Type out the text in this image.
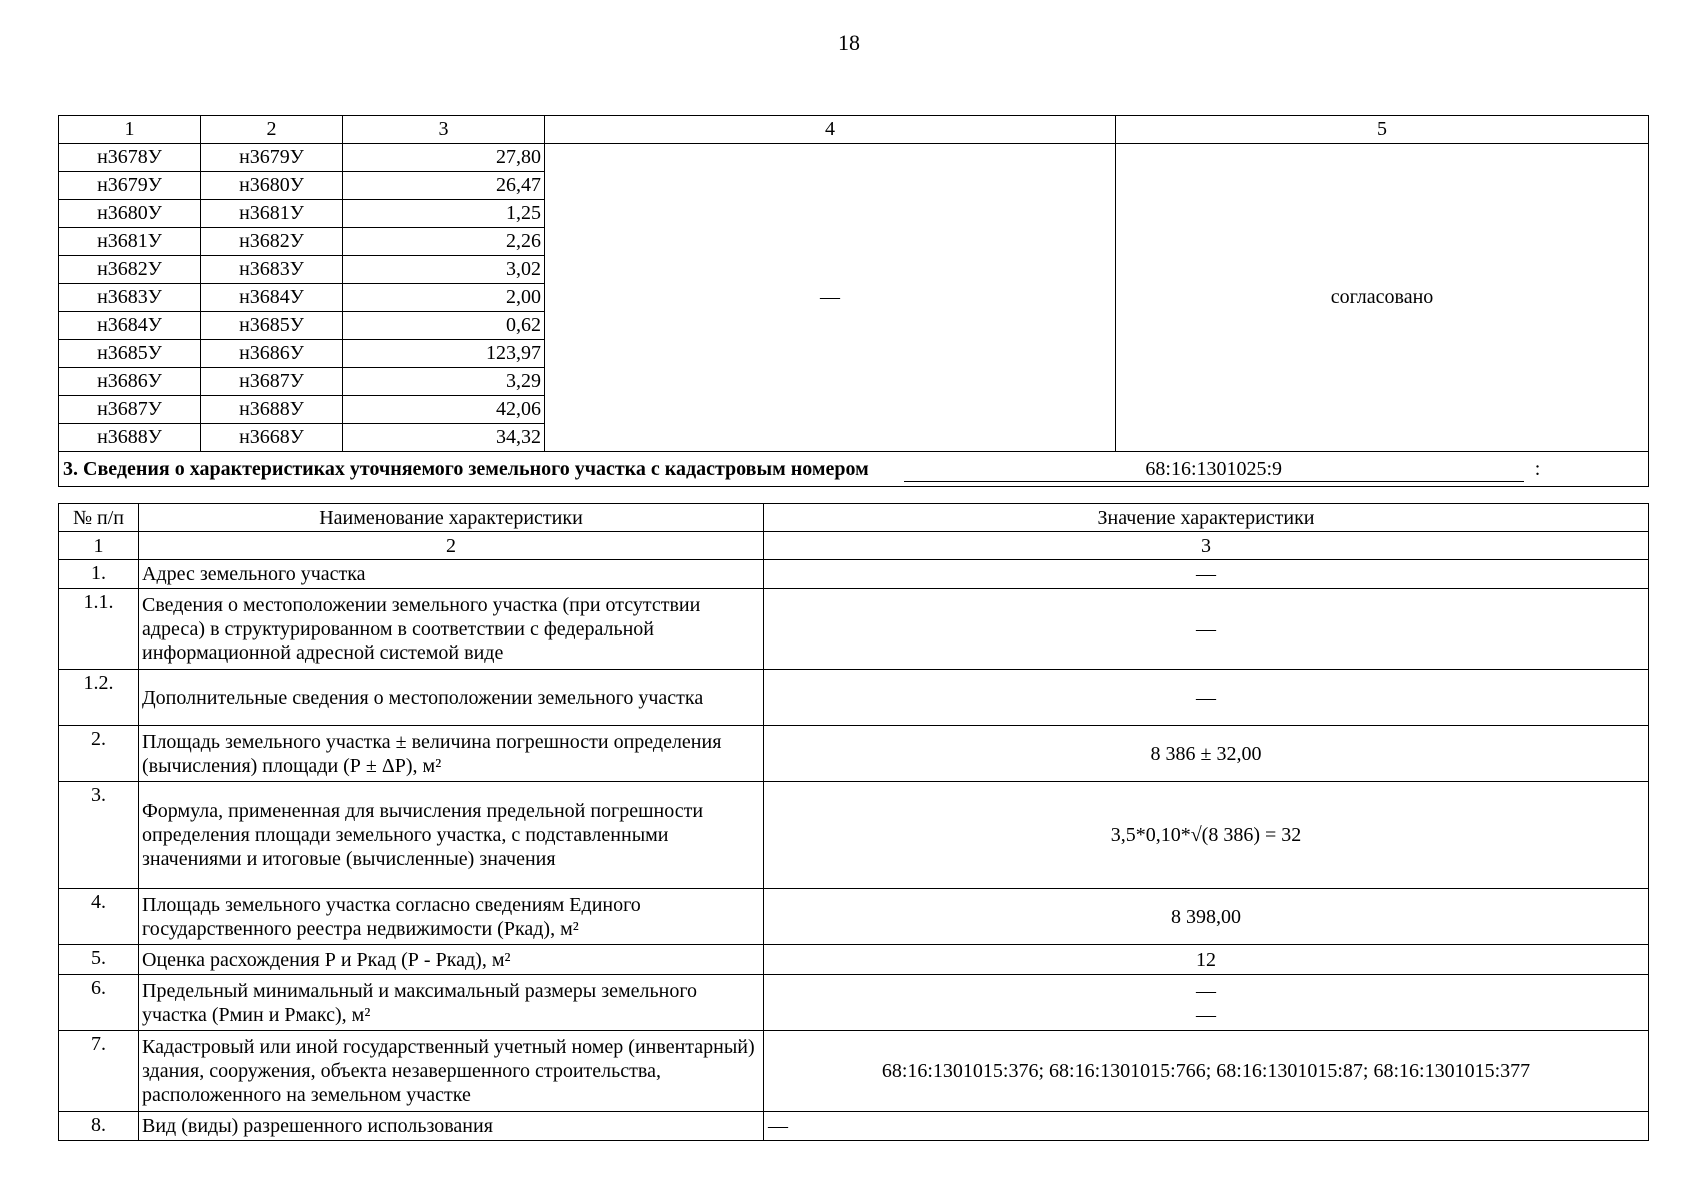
18
1	2	3	4	5
н3678У	н3679У	27,80	—	согласовано
н3679У	н3680У	26,47		
н3680У	н3681У	1,25		
н3681У	н3682У	2,26		
н3682У	н3683У	3,02		
н3683У	н3684У	2,00		
н3684У	н3685У	0,62		
н3685У	н3686У	123,97		
н3686У	н3687У	3,29		
н3687У	н3688У	42,06		
н3688У	н3668У	34,32		
3. Сведения о характеристиках уточняемого земельного участка с кадастровым номером 68:16:1301025:9 :				
№ п/п	Наименование характеристики	Значение характеристики
1	2	3
1.	Адрес земельного участка	—
1.1.	Сведения о местоположении земельного участка (при отсутствии адреса) в структурированном в соответствии с федеральной информационной адресной системой виде	—
1.2.	Дополнительные сведения о местоположении земельного участка	—
2.	Площадь земельного участка ± величина погрешности определения (вычисления) площади (Р ± ΔР), м²	8 386 ± 32,00
3.	Формула, примененная для вычисления предельной погрешности определения площади земельного участка, с подставленными значениями и итоговые (вычисленные) значения	3,5*0,10*√(8 386) = 32
4.	Площадь земельного участка согласно сведениям Единого государственного реестра недвижимости (Ркад), м²	8 398,00
5.	Оценка расхождения Р и Ркад (Р - Ркад), м²	12
6.	Предельный минимальный и максимальный размеры земельного участка (Рмин и Рмакс), м²	—
—

7.	Кадастровый или иной государственный учетный номер (инвентарный) здания, сооружения, объекта незавершенного строительства, расположенного на земельном участке	68:16:1301015:376; 68:16:1301015:766; 68:16:1301015:87; 68:16:1301015:377
8.	Вид (виды) разрешенного использования	—
